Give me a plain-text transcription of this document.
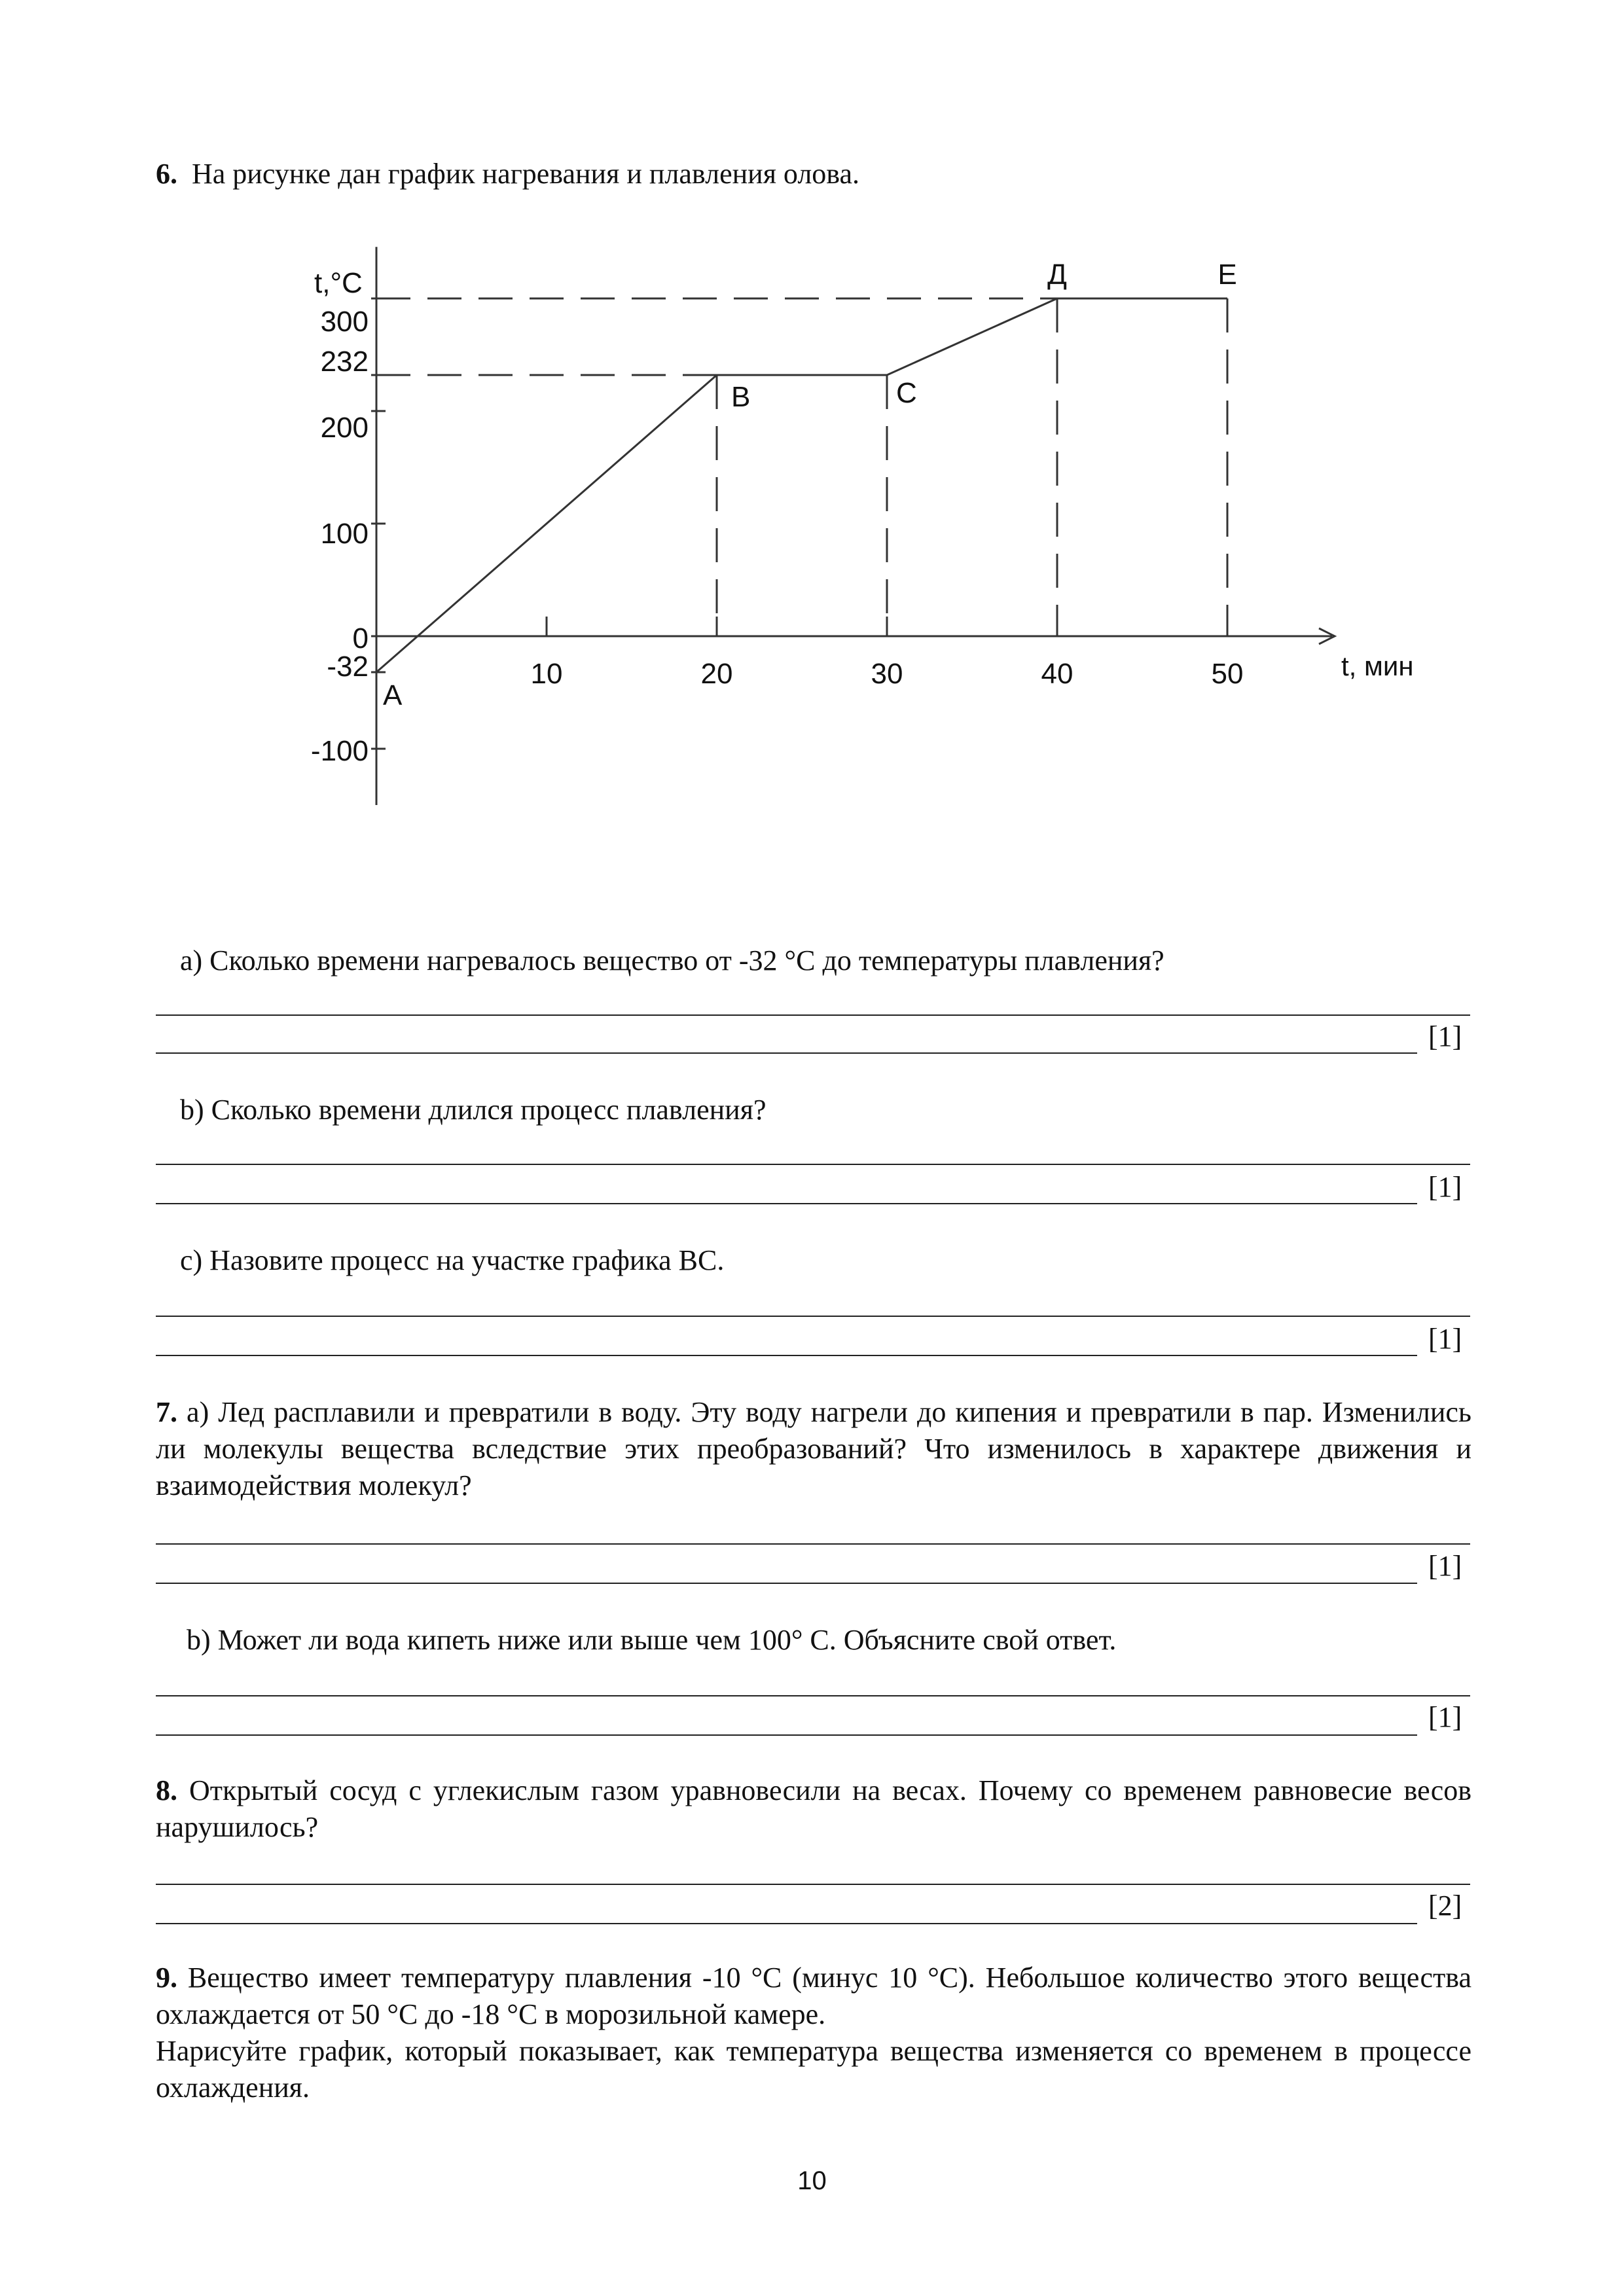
6. На рисунке дан график нагревания и плавления олова.
t,°C
t, мин
10	20	30	40	50
300
232
200
100
0
-32
-100
А
В	С
Д	Е
а) Сколько времени нагревалось вещество от -32 °С до температуры плавления?
[1]
b) Сколько времени длился процесс плавления?
[1]
c) Назовите процесс на участке графика ВС.
[1]
7. а) Лед расплавили и превратили в воду. Эту воду нагрели до кипения и превратили в пар. Изменились ли молекулы вещества вследствие этих преобразований? Что изменилось в характере движения и взаимодействия молекул?
[1]
b) Может ли вода кипеть ниже или выше чем 100° С. Объясните свой ответ.
[1]
8. Открытый сосуд с углекислым газом уравновесили на весах. Почему со временем равновесие весов нарушилось?
[2]
9. Вещество имеет температуру плавления -10 °С (минус 10 °С). Небольшое количество этого вещества охлаждается от 50 °С до -18 °С в морозильной камере.
Нарисуйте график, который показывает, как температура вещества изменяется со временем в процессе охлаждения.
10
